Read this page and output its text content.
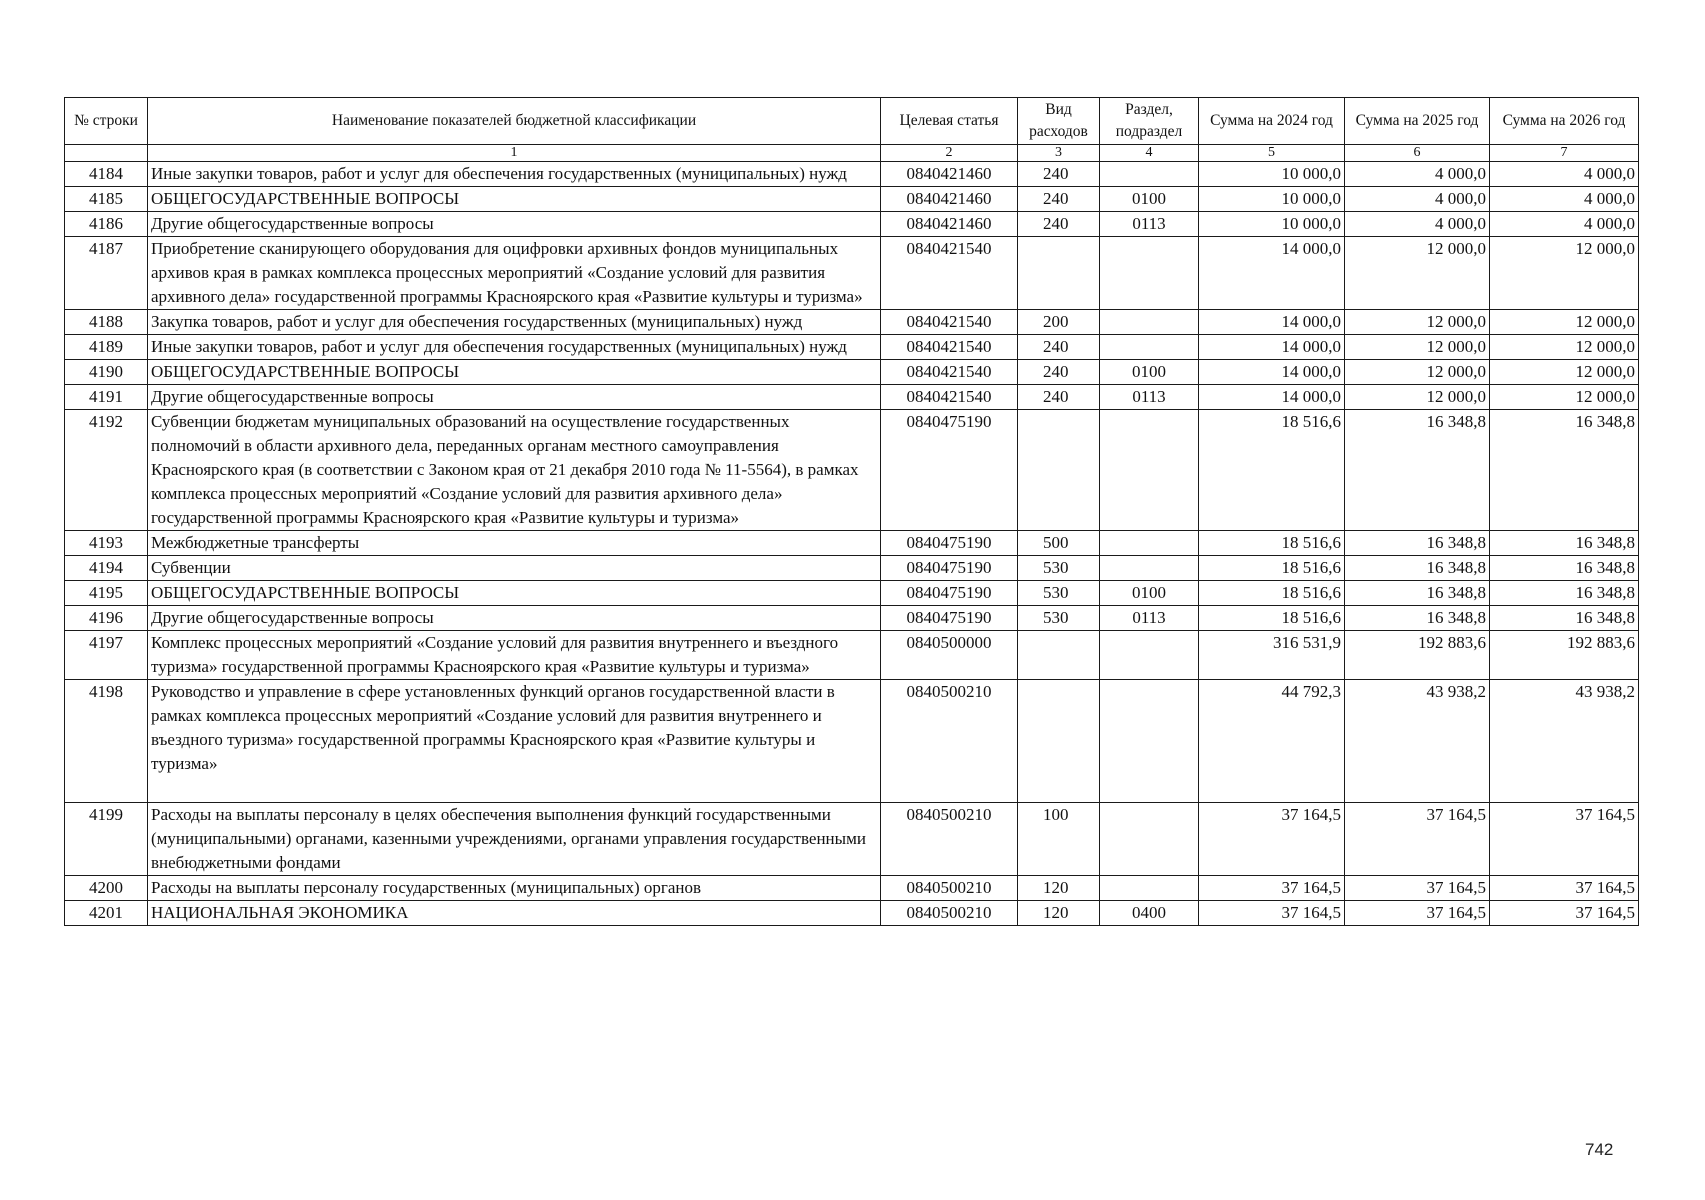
№ строки	Наименование показателей бюджетной классификации	Целевая статья	Вид расходов	Раздел, подраздел	Сумма на 2024 год	Сумма на 2025 год	Сумма на 2026 год
	1	2	3	4	5	6	7
4184	Иные закупки товаров, работ и услуг для обеспечения государственных (муниципальных) нужд	0840421460	240		10 000,0	4 000,0	4 000,0
4185	ОБЩЕГОСУДАРСТВЕННЫЕ ВОПРОСЫ	0840421460	240	0100	10 000,0	4 000,0	4 000,0
4186	Другие общегосударственные вопросы	0840421460	240	0113	10 000,0	4 000,0	4 000,0
4187	Приобретение сканирующего оборудования для оцифровки архивных фондов муниципальных архивов края в рамках комплекса процессных мероприятий «Создание условий для развития архивного дела» государственной программы Красноярского края «Развитие культуры и туризма»	0840421540			14 000,0	12 000,0	12 000,0
4188	Закупка товаров, работ и услуг для обеспечения государственных (муниципальных) нужд	0840421540	200		14 000,0	12 000,0	12 000,0
4189	Иные закупки товаров, работ и услуг для обеспечения государственных (муниципальных) нужд	0840421540	240		14 000,0	12 000,0	12 000,0
4190	ОБЩЕГОСУДАРСТВЕННЫЕ ВОПРОСЫ	0840421540	240	0100	14 000,0	12 000,0	12 000,0
4191	Другие общегосударственные вопросы	0840421540	240	0113	14 000,0	12 000,0	12 000,0
4192	Субвенции бюджетам муниципальных образований на осуществление государственных полномочий в области архивного дела, переданных органам местного самоуправления Красноярского края (в соответствии с Законом края от 21 декабря 2010 года № 11-5564), в рамках комплекса процессных мероприятий «Создание условий для развития архивного дела» государственной программы Красноярского края «Развитие культуры и туризма»	0840475190			18 516,6	16 348,8	16 348,8
4193	Межбюджетные трансферты	0840475190	500		18 516,6	16 348,8	16 348,8
4194	Субвенции	0840475190	530		18 516,6	16 348,8	16 348,8
4195	ОБЩЕГОСУДАРСТВЕННЫЕ ВОПРОСЫ	0840475190	530	0100	18 516,6	16 348,8	16 348,8
4196	Другие общегосударственные вопросы	0840475190	530	0113	18 516,6	16 348,8	16 348,8
4197	Комплекс процессных мероприятий «Создание условий для развития внутреннего и въездного туризма» государственной программы Красноярского края «Развитие культуры и туризма»	0840500000			316 531,9	192 883,6	192 883,6
4198	Руководство и управление в сфере установленных функций органов государственной власти в рамках комплекса процессных мероприятий «Создание условий для развития внутреннего и въездного туризма» государственной программы Красноярского края «Развитие культуры и туризма»	0840500210			44 792,3	43 938,2	43 938,2
4199	Расходы на выплаты персоналу в целях обеспечения выполнения функций государственными (муниципальными) органами, казенными учреждениями, органами управления государственными внебюджетными фондами	0840500210	100		37 164,5	37 164,5	37 164,5
4200	Расходы на выплаты персоналу государственных (муниципальных) органов	0840500210	120		37 164,5	37 164,5	37 164,5
4201	НАЦИОНАЛЬНАЯ ЭКОНОМИКА	0840500210	120	0400	37 164,5	37 164,5	37 164,5
742
